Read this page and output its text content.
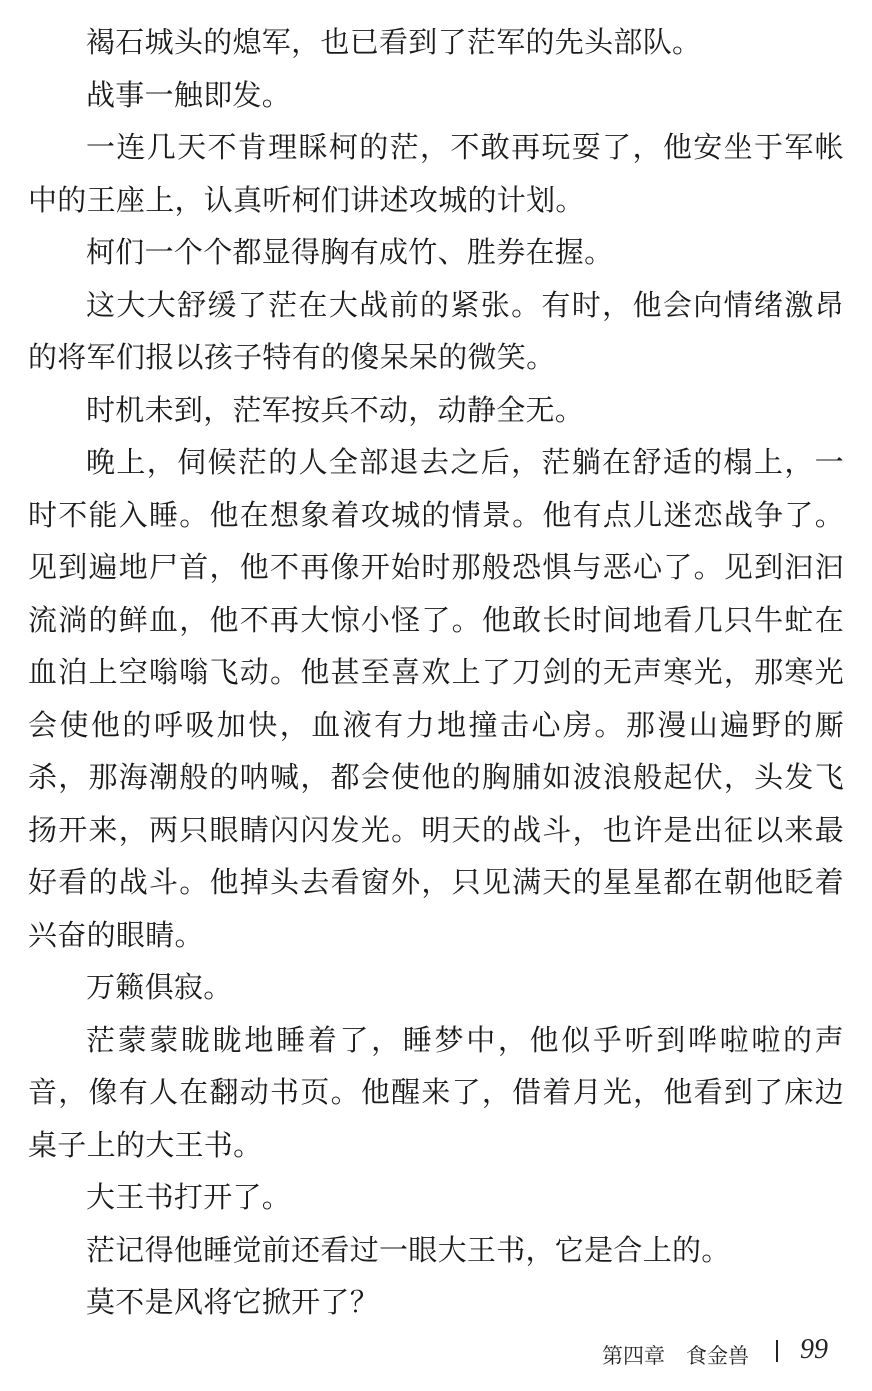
褐石城头的熄军，也已看到了茫军的先头部队。

战事一触即发。

一连几天不肯理睬柯的茫，不敢再玩耍了，他安坐于军帐中的王座上，认真听柯们讲述攻城的计划。

柯们一个个都显得胸有成竹、胜券在握。

这大大舒缓了茫在大战前的紧张。有时，他会向情绪激昂的将军们报以孩子特有的傻呆呆的微笑。

时机未到，茫军按兵不动，动静全无。

晚上，伺候茫的人全部退去之后，茫躺在舒适的榻上，一时不能入睡。他在想象着攻城的情景。他有点儿迷恋战争了。见到遍地尸首，他不再像开始时那般恐惧与恶心了。见到汩汩流淌的鲜血，他不再大惊小怪了。他敢长时间地看几只牛虻在血泊上空嗡嗡飞动。他甚至喜欢上了刀剑的无声寒光，那寒光会使他的呼吸加快，血液有力地撞击心房。那漫山遍野的厮杀，那海潮般的呐喊，都会使他的胸脯如波浪般起伏，头发飞扬开来，两只眼睛闪闪发光。明天的战斗，也许是出征以来最好看的战斗。他掉头去看窗外，只见满天的星星都在朝他眨着兴奋的眼睛。

万籁俱寂。

茫蒙蒙眬眬地睡着了，睡梦中，他似乎听到哗啦啦的声音，像有人在翻动书页。他醒来了，借着月光，他看到了床边桌子上的大王书。

大王书打开了。

茫记得他睡觉前还看过一眼大王书，它是合上的。

莫不是风将它掀开了？

第四章　食金兽 99
